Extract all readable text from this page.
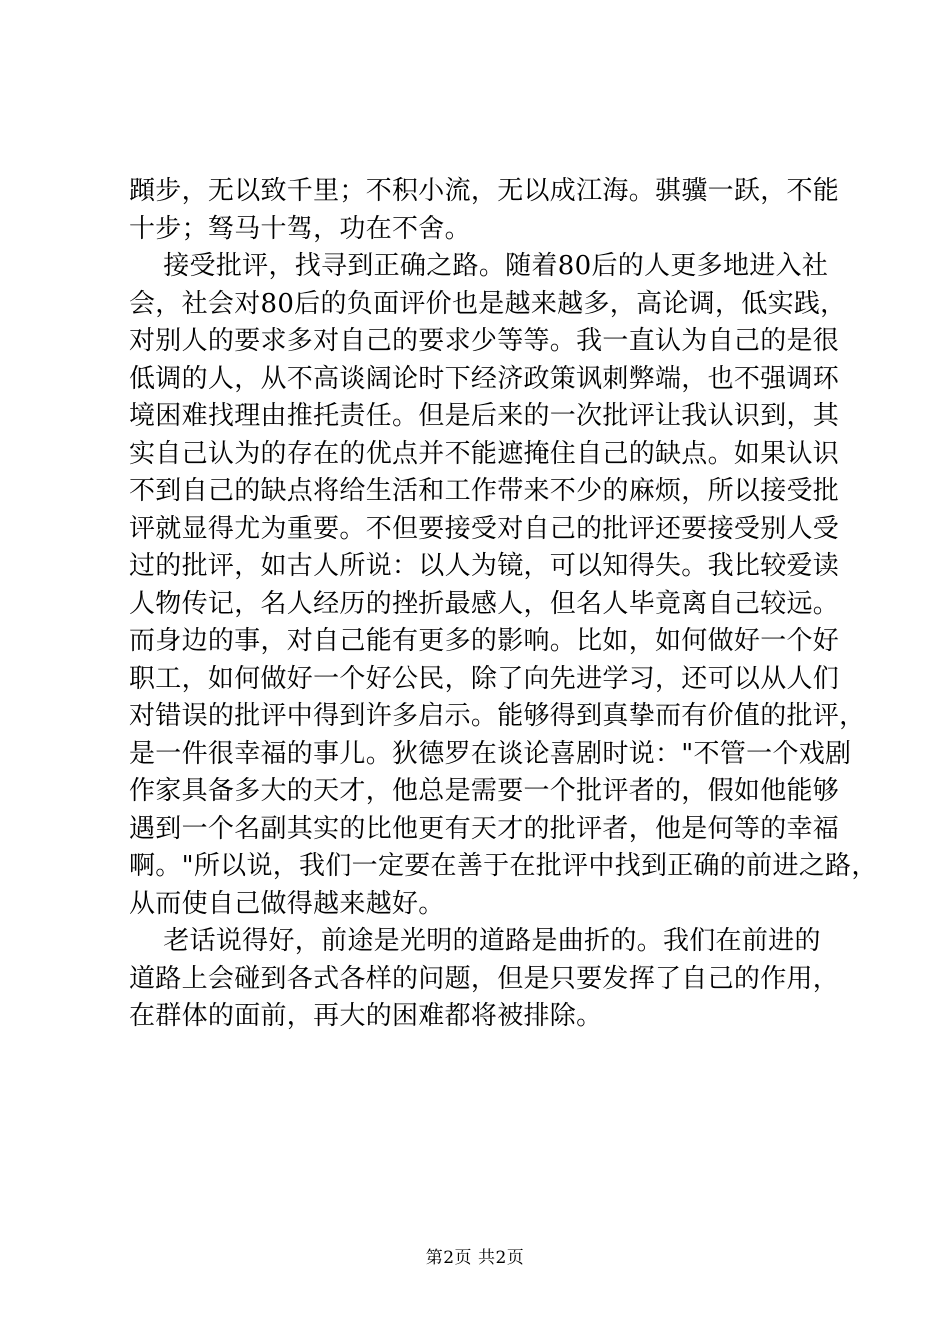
蹞步，无以致千里；不积小流，无以成江海。骐骥一跃，不能
十步；驽马十驾，功在不舍。
接受批评，找寻到正确之路。随着80后的人更多地进入社
会，社会对80后的负面评价也是越来越多，高论调，低实践，
对别人的要求多对自己的要求少等等。我一直认为自己的是很
低调的人，从不高谈阔论时下经济政策讽刺弊端，也不强调环
境困难找理由推托责任。但是后来的一次批评让我认识到，其
实自己认为的存在的优点并不能遮掩住自己的缺点。如果认识
不到自己的缺点将给生活和工作带来不少的麻烦，所以接受批
评就显得尤为重要。不但要接受对自己的批评还要接受别人受
过的批评，如古人所说：以人为镜，可以知得失。我比较爱读
人物传记，名人经历的挫折最感人，但名人毕竟离自己较远。
而身边的事，对自己能有更多的影响。比如，如何做好一个好
职工，如何做好一个好公民，除了向先进学习，还可以从人们
对错误的批评中得到许多启示。能够得到真挚而有价值的批评，
是一件很幸福的事儿。狄德罗在谈论喜剧时说："不管一个戏剧
作家具备多大的天才，他总是需要一个批评者的，假如他能够
遇到一个名副其实的比他更有天才的批评者，他是何等的幸福
啊。"所以说，我们一定要在善于在批评中找到正确的前进之路，
从而使自己做得越来越好。
老话说得好，前途是光明的道路是曲折的。我们在前进的
道路上会碰到各式各样的问题，但是只要发挥了自己的作用，
在群体的面前，再大的困难都将被排除。
第2页 共2页
